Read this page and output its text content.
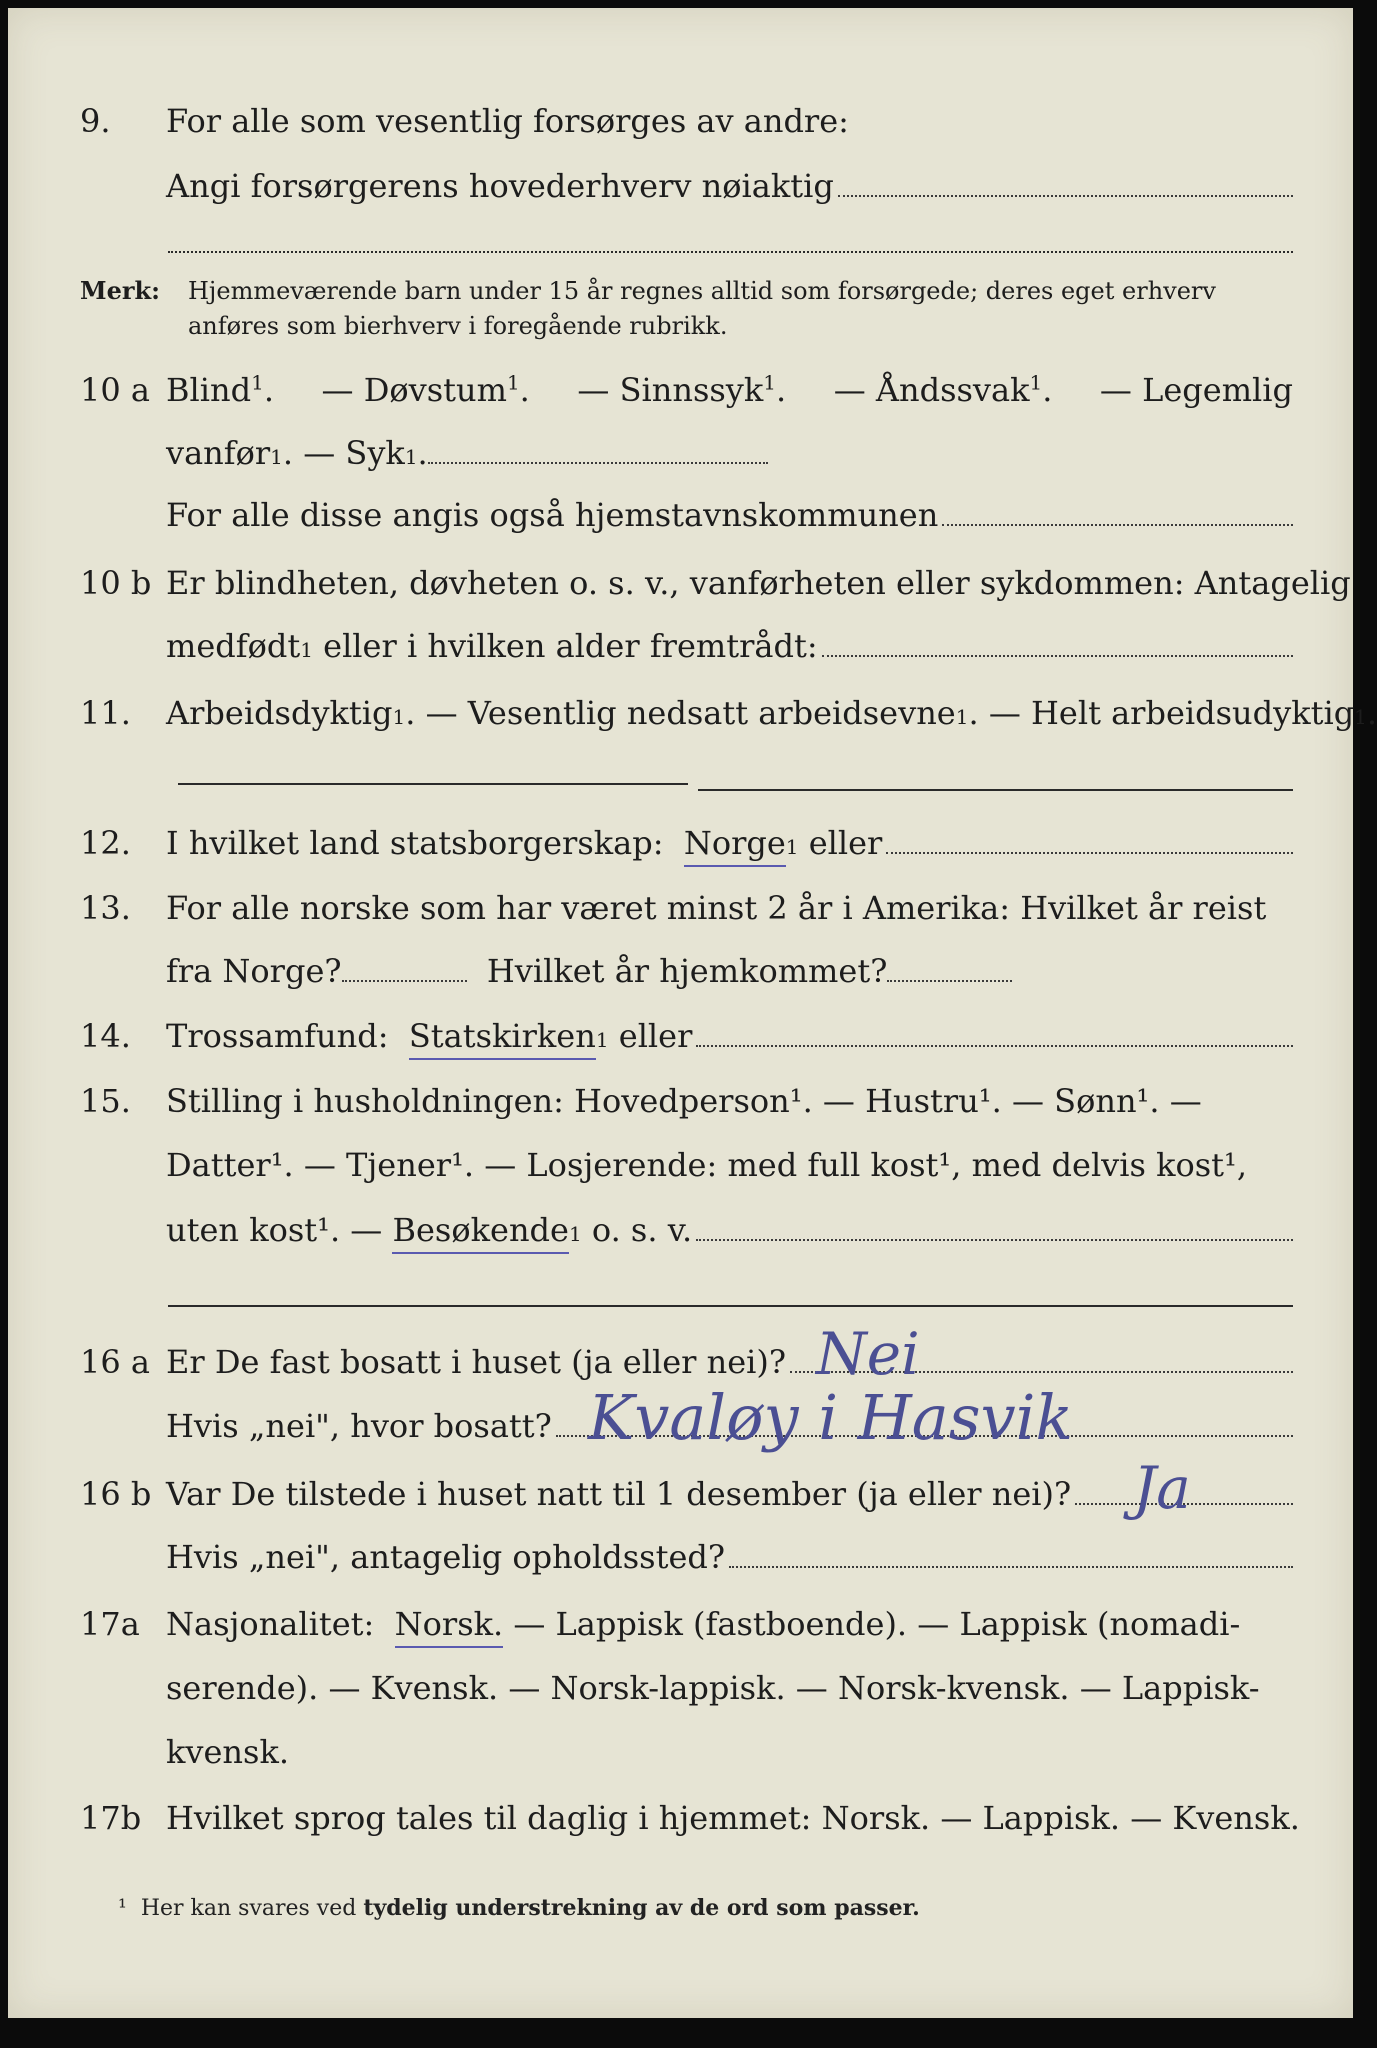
9. For alle som vesentlig forsørges av andre:
Angi forsørgerens hovederhverv nøiaktig
Merk: Hjemmeværende barn under 15 år regnes alltid som forsørgede; deres eget erhverv
anføres som bierhverv i foregående rubrikk.
10 a Blind$^1$. — Døvstum$^1$. — Sinnssyk$^1$. — Åndssvak$^1$. — Legemlig
vanfør 1 . — Syk 1 .
For alle disse angis også hjemstavnskommunen
10 b Er blindheten, døvheten o. s. v., vanførheten eller sykdommen: Antagelig
medfødt 1
eller i hvilken alder fremtrådt:
11. Arbeidsdyktig 1 . — Vesentlig nedsatt arbeidsevne 1 . — Helt arbeidsudyktig 1 .
12. I hvilket land statsborgerskap:
Norge 1
eller
13. For alle norske som har været minst 2 år i Amerika: Hvilket år reist
fra Norge?
	Hvilket år hjemkommet?
14. Trossamfund:
Statskirken 1
eller
15. Stilling i husholdningen: Hovedperson¹. — Hustru¹. — Sønn¹. —
Datter¹. — Tjener¹. — Losjerende: med full kost¹, med delvis kost¹,
uten kost¹. —
Besøkende 1
o. s. v.
16 a Er De fast bosatt i huset (ja eller nei)?
Hvis „nei", hvor bosatt?
16 b Var De tilstede i huset natt til 1 desember (ja eller nei)?
Hvis „nei", antagelig opholdssted?
17a Nasjonalitet:
Norsk.
— Lappisk (fastboende). — Lappisk (nomadi-
serende). — Kvensk. — Norsk-lappisk. — Norsk-kvensk. — Lappisk-
kvensk.
17b Hvilket sprog tales til daglig i hjemmet: Norsk. — Lappisk. — Kvensk.
Nei
Kvaløy i Hasvik
Ja
¹ Her kan svares ved tydelig understrekning av de ord som passer.
